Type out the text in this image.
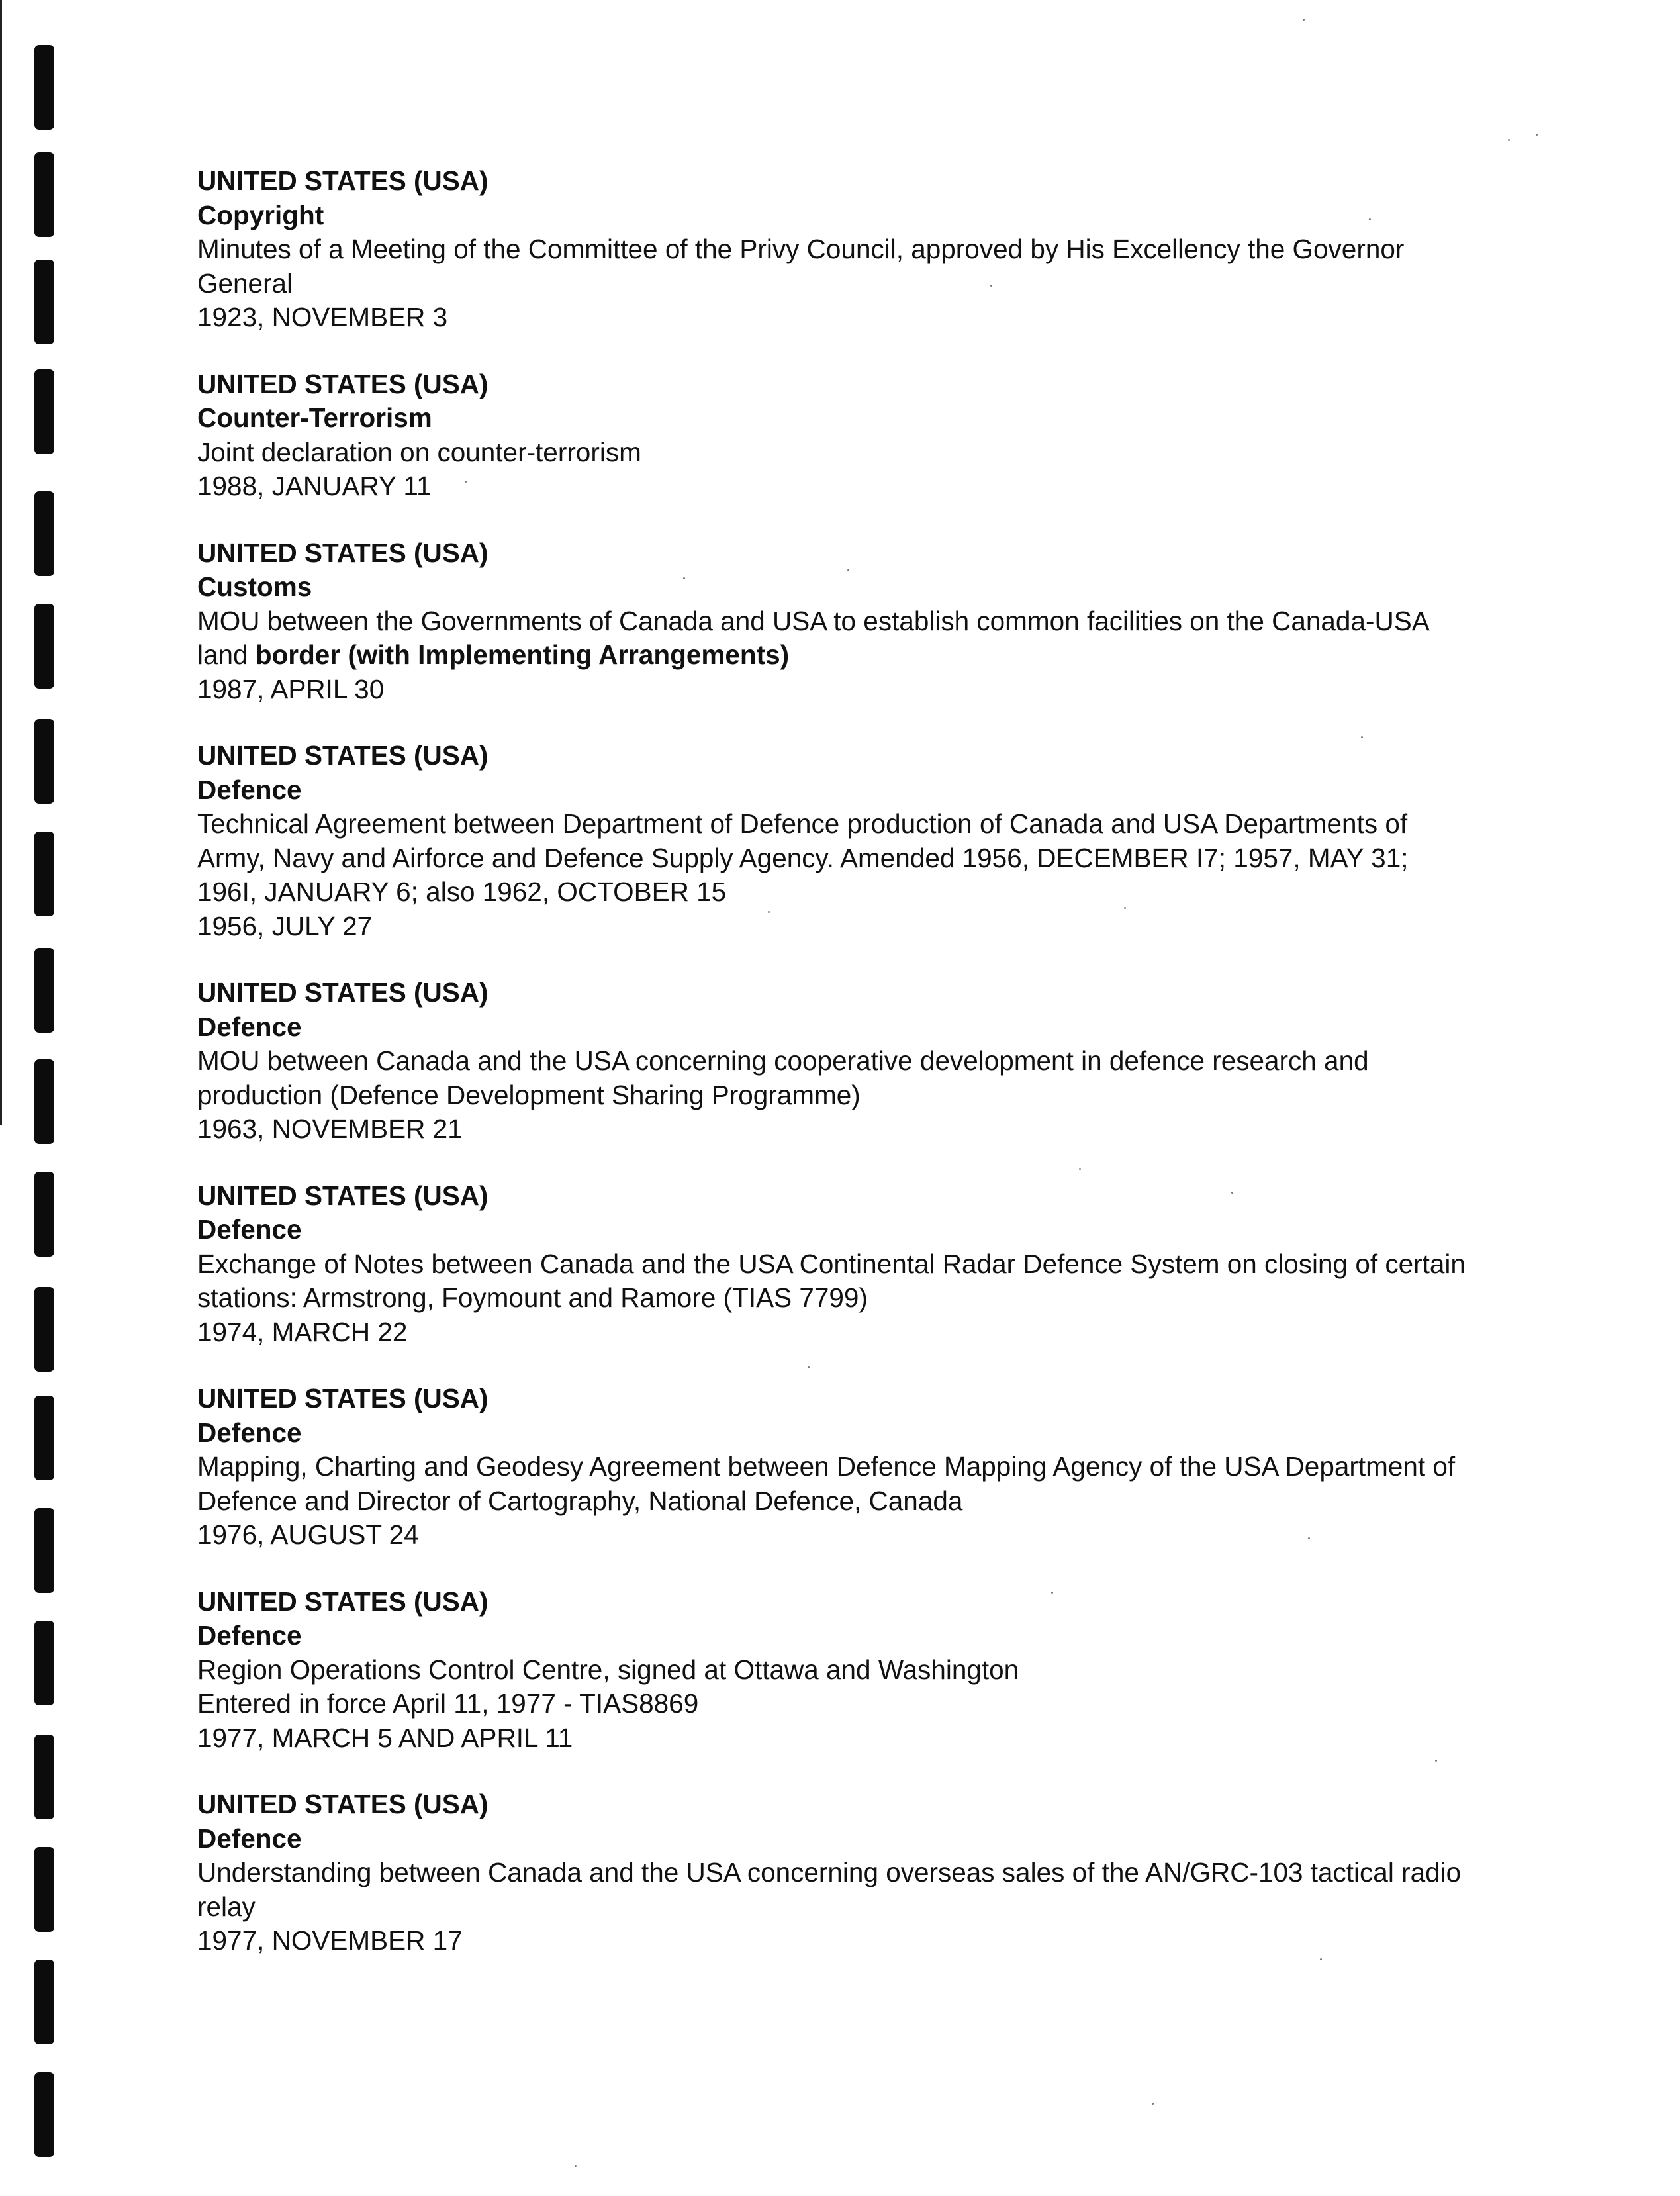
UNITED STATES (USA)
Copyright
Minutes of a Meeting of the Committee of the Privy Council, approved by His Excellency the Governor
General
1923, NOVEMBER 3
UNITED STATES (USA)
Counter-Terrorism
Joint declaration on counter-terrorism
1988, JANUARY 11
UNITED STATES (USA)
Customs
MOU between the Governments of Canada and USA to establish common facilities on the Canada-USA
land border (with Implementing Arrangements)
1987, APRIL 30
UNITED STATES (USA)
Defence
Technical Agreement between Department of Defence production of Canada and USA Departments of
Army, Navy and Airforce and Defence Supply Agency. Amended 1956, DECEMBER I7; 1957, MAY 31;
196I, JANUARY 6; also 1962, OCTOBER 15
1956, JULY 27
UNITED STATES (USA)
Defence
MOU between Canada and the USA concerning cooperative development in defence research and
production (Defence Development Sharing Programme)
1963, NOVEMBER 21
UNITED STATES (USA)
Defence
Exchange of Notes between Canada and the USA Continental Radar Defence System on closing of certain
stations: Armstrong, Foymount and Ramore (TIAS 7799)
1974, MARCH 22
UNITED STATES (USA)
Defence
Mapping, Charting and Geodesy Agreement between Defence Mapping Agency of the USA Department of
Defence and Director of Cartography, National Defence, Canada
1976, AUGUST 24
UNITED STATES (USA)
Defence
Region Operations Control Centre, signed at Ottawa and Washington
Entered in force April 11, 1977 - TIAS8869
1977, MARCH 5 AND APRIL 11
UNITED STATES (USA)
Defence
Understanding between Canada and the USA concerning overseas sales of the AN/GRC-103 tactical radio
relay
1977, NOVEMBER 17
